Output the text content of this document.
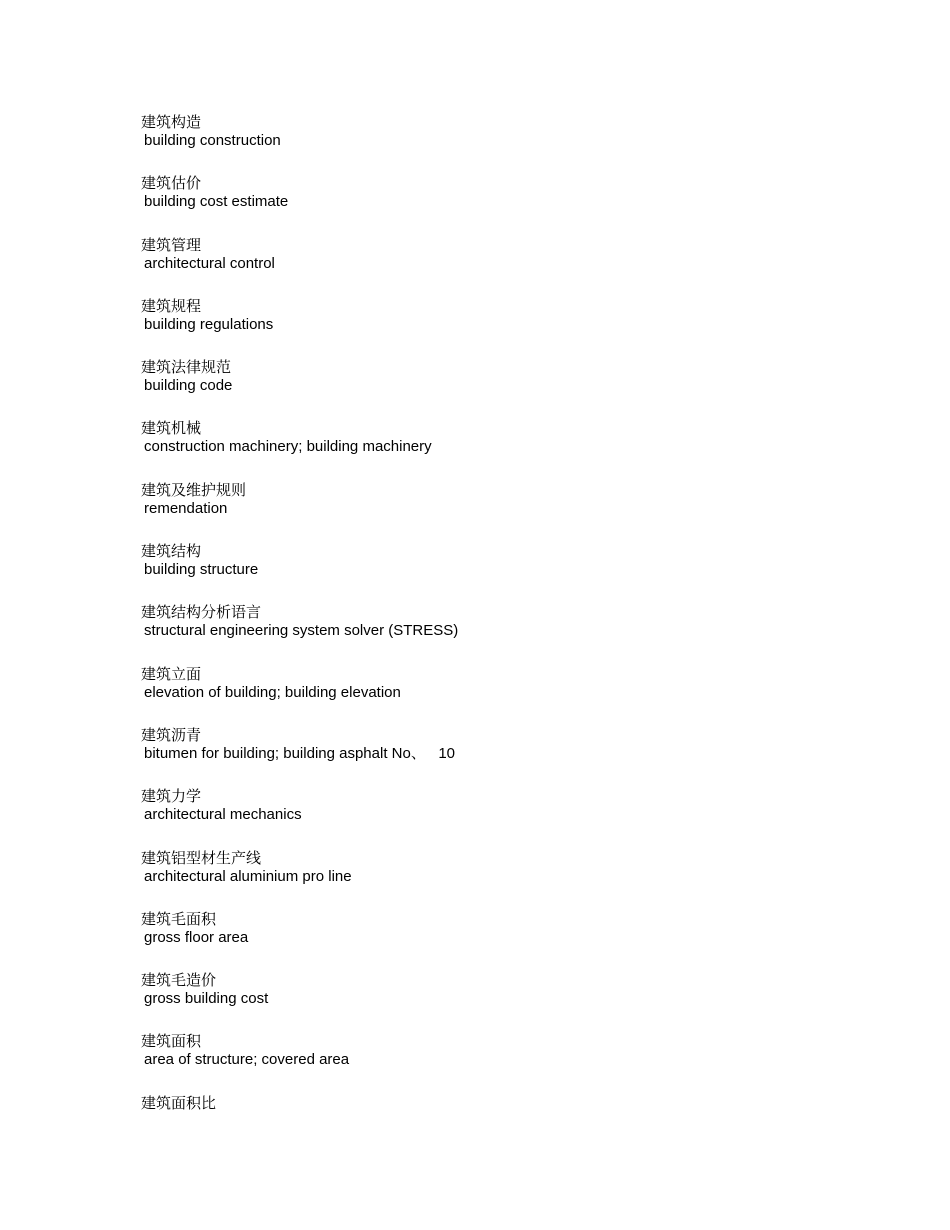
建筑构造
building construction
建筑估价
building cost estimate
建筑管理
architectural control
建筑规程
building regulations
建筑法律规范
building code
建筑机械
construction machinery; building machinery
建筑及维护规则
remendation
建筑结构
building structure
建筑结构分析语言
structural engineering system solver (STRESS)
建筑立面
elevation of building; building elevation
建筑沥青
bitumen for building; building asphalt No、   10
建筑力学
architectural mechanics
建筑铝型材生产线
architectural aluminium pro line
建筑毛面积
gross floor area
建筑毛造价
gross building cost
建筑面积
area of structure; covered area
建筑面积比
